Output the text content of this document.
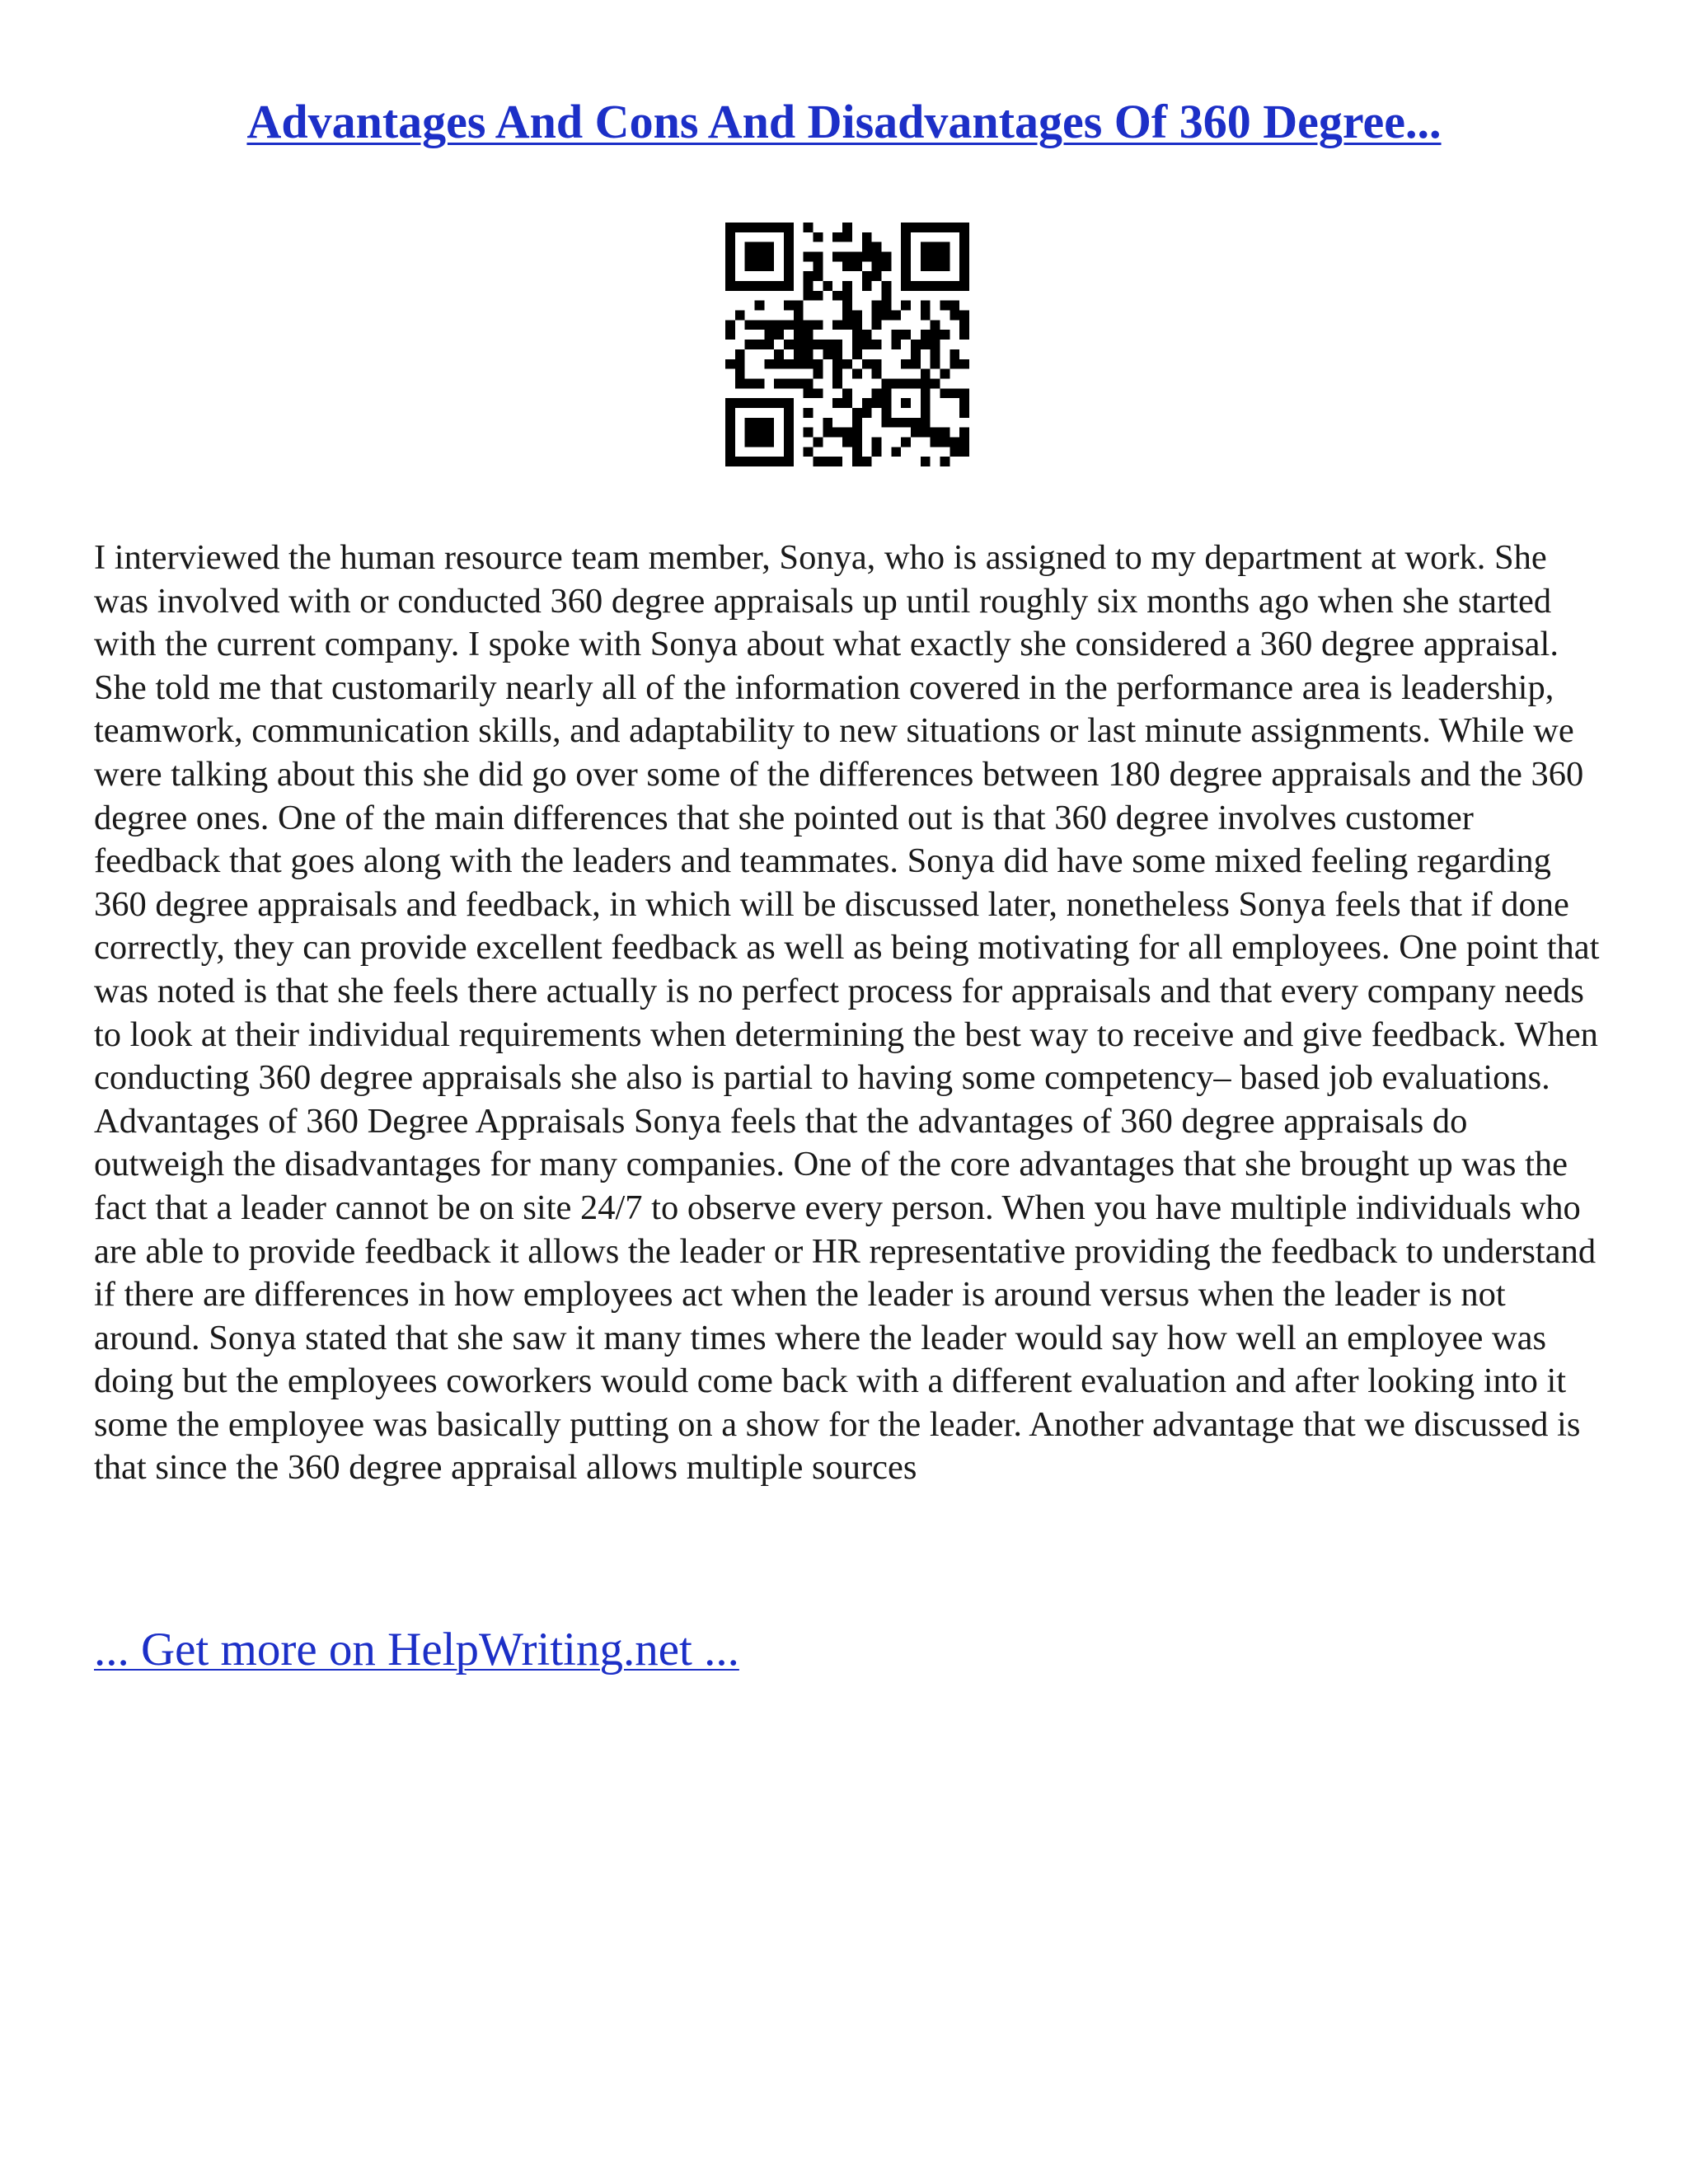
Advantages And Cons And Disadvantages Of 360 Degree...
I interviewed the human resource team member, Sonya, who is assigned to my department at work. She was involved with or conducted 360 degree appraisals up until roughly six months ago when she started with the current company. I spoke with Sonya about what exactly she considered a 360 degree appraisal. She told me that customarily nearly all of the information covered in the performance area is leadership, teamwork, communication skills, and adaptability to new situations or last minute assignments. While we were talking about this she did go over some of the differences between 180 degree appraisals and the 360 degree ones. One of the main differences that she pointed out is that 360 degree involves customer feedback that goes along with the leaders and teammates. Sonya did have some mixed feeling regarding 360 degree appraisals and feedback, in which will be discussed later, nonetheless Sonya feels that if done correctly, they can provide excellent feedback as well as being motivating for all employees. One point that was noted is that she feels there actually is no perfect process for appraisals and that every company needs to look at their individual requirements when determining the best way to receive and give feedback. When conducting 360 degree appraisals she also is partial to having some competency– based job evaluations. Advantages of 360 Degree Appraisals Sonya feels that the advantages of 360 degree appraisals do outweigh the disadvantages for many companies. One of the core advantages that she brought up was the fact that a leader cannot be on site 24/7 to observe every person. When you have multiple individuals who are able to provide feedback it allows the leader or HR representative providing the feedback to understand if there are differences in how employees act when the leader is around versus when the leader is not around. Sonya stated that she saw it many times where the leader would say how well an employee was doing but the employees coworkers would come back with a different evaluation and after looking into it some the employee was basically putting on a show for the leader. Another advantage that we discussed is that since the 360 degree appraisal allows multiple sources
... Get more on HelpWriting.net ...
